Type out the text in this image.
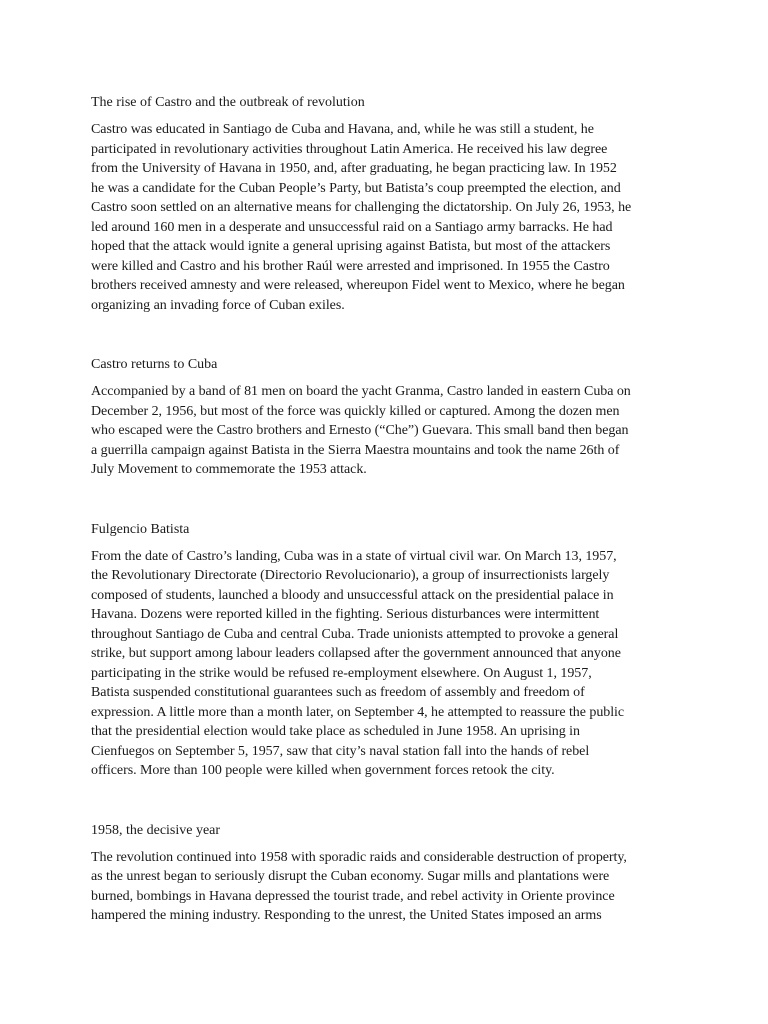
The rise of Castro and the outbreak of revolution
Castro was educated in Santiago de Cuba and Havana, and, while he was still a student, he
participated in revolutionary activities throughout Latin America. He received his law degree
from the University of Havana in 1950, and, after graduating, he began practicing law. In 1952
he was a candidate for the Cuban People’s Party, but Batista’s coup preempted the election, and
Castro soon settled on an alternative means for challenging the dictatorship. On July 26, 1953, he
led around 160 men in a desperate and unsuccessful raid on a Santiago army barracks. He had
hoped that the attack would ignite a general uprising against Batista, but most of the attackers
were killed and Castro and his brother Raúl were arrested and imprisoned. In 1955 the Castro
brothers received amnesty and were released, whereupon Fidel went to Mexico, where he began
organizing an invading force of Cuban exiles.
Castro returns to Cuba
Accompanied by a band of 81 men on board the yacht Granma, Castro landed in eastern Cuba on
December 2, 1956, but most of the force was quickly killed or captured. Among the dozen men
who escaped were the Castro brothers and Ernesto (“Che”) Guevara. This small band then began
a guerrilla campaign against Batista in the Sierra Maestra mountains and took the name 26th of
July Movement to commemorate the 1953 attack.
Fulgencio Batista
From the date of Castro’s landing, Cuba was in a state of virtual civil war. On March 13, 1957,
the Revolutionary Directorate (Directorio Revolucionario), a group of insurrectionists largely
composed of students, launched a bloody and unsuccessful attack on the presidential palace in
Havana. Dozens were reported killed in the fighting. Serious disturbances were intermittent
throughout Santiago de Cuba and central Cuba. Trade unionists attempted to provoke a general
strike, but support among labour leaders collapsed after the government announced that anyone
participating in the strike would be refused re-employment elsewhere. On August 1, 1957,
Batista suspended constitutional guarantees such as freedom of assembly and freedom of
expression. A little more than a month later, on September 4, he attempted to reassure the public
that the presidential election would take place as scheduled in June 1958. An uprising in
Cienfuegos on September 5, 1957, saw that city’s naval station fall into the hands of rebel
officers. More than 100 people were killed when government forces retook the city.
1958, the decisive year
The revolution continued into 1958 with sporadic raids and considerable destruction of property,
as the unrest began to seriously disrupt the Cuban economy. Sugar mills and plantations were
burned, bombings in Havana depressed the tourist trade, and rebel activity in Oriente province
hampered the mining industry. Responding to the unrest, the United States imposed an arms
